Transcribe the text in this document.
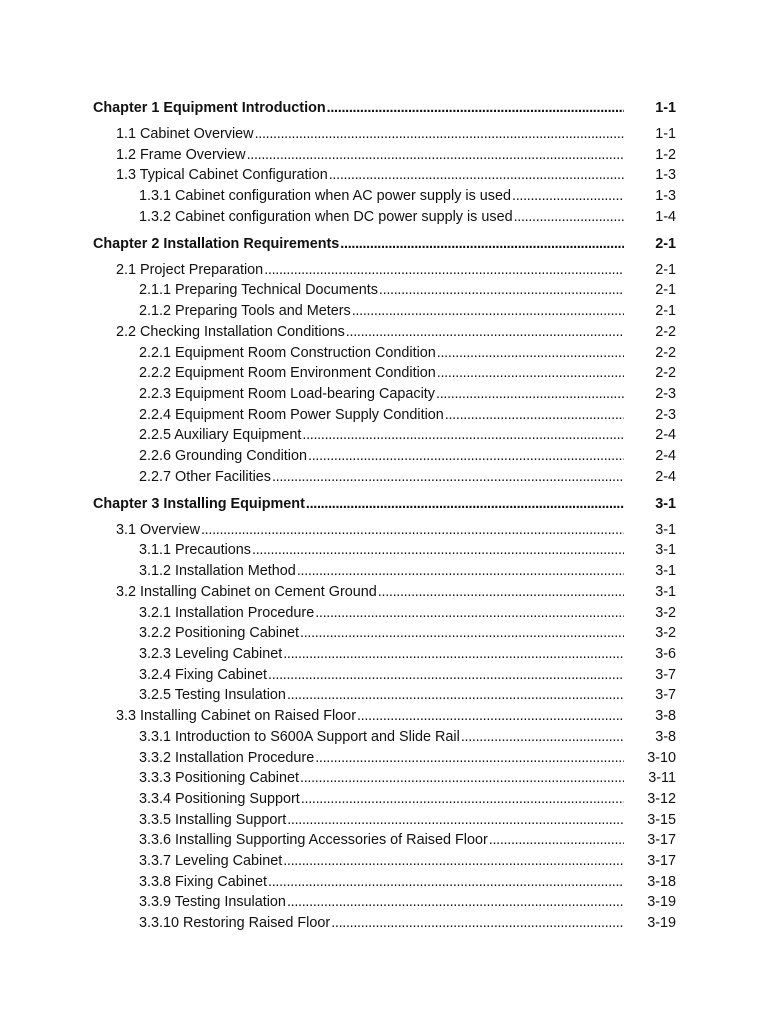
Chapter 1 Equipment Introduction . . .	1-1
1.1 Cabinet Overview . . .	1-1
1.2 Frame Overview . . .	1-2
1.3 Typical Cabinet Configuration . . .	1-3
1.3.1 Cabinet configuration when AC power supply is used . . .	1-3
1.3.2 Cabinet configuration when DC power supply is used . . .	1-4
Chapter 2 Installation Requirements . . .	2-1
2.1 Project Preparation . . .	2-1
2.1.1 Preparing Technical Documents . . .	2-1
2.1.2 Preparing Tools and Meters . . .	2-1
2.2 Checking Installation Conditions . . .	2-2
2.2.1 Equipment Room Construction Condition . . .	2-2
2.2.2 Equipment Room Environment Condition . . .	2-2
2.2.3 Equipment Room Load-bearing Capacity . . .	2-3
2.2.4 Equipment Room Power Supply Condition . . .	2-3
2.2.5 Auxiliary Equipment . . .	2-4
2.2.6 Grounding Condition . . .	2-4
2.2.7 Other Facilities . . .	2-4
Chapter 3 Installing Equipment . . .	3-1
3.1 Overview . . .	3-1
3.1.1 Precautions . . .	3-1
3.1.2 Installation Method . . .	3-1
3.2 Installing Cabinet on Cement Ground . . .	3-1
3.2.1 Installation Procedure . . .	3-2
3.2.2 Positioning Cabinet . . .	3-2
3.2.3 Leveling Cabinet . . .	3-6
3.2.4 Fixing Cabinet . . .	3-7
3.2.5 Testing Insulation . . .	3-7
3.3 Installing Cabinet on Raised Floor . . .	3-8
3.3.1 Introduction to S600A Support and Slide Rail . . .	3-8
3.3.2 Installation Procedure . . .	3-10
3.3.3 Positioning Cabinet . . .	3-11
3.3.4 Positioning Support . . .	3-12
3.3.5 Installing Support . . .	3-15
3.3.6 Installing Supporting Accessories of Raised Floor . . .	3-17
3.3.7 Leveling Cabinet . . .	3-17
3.3.8 Fixing Cabinet . . .	3-18
3.3.9 Testing Insulation . . .	3-19
3.3.10 Restoring Raised Floor . . .	3-19
